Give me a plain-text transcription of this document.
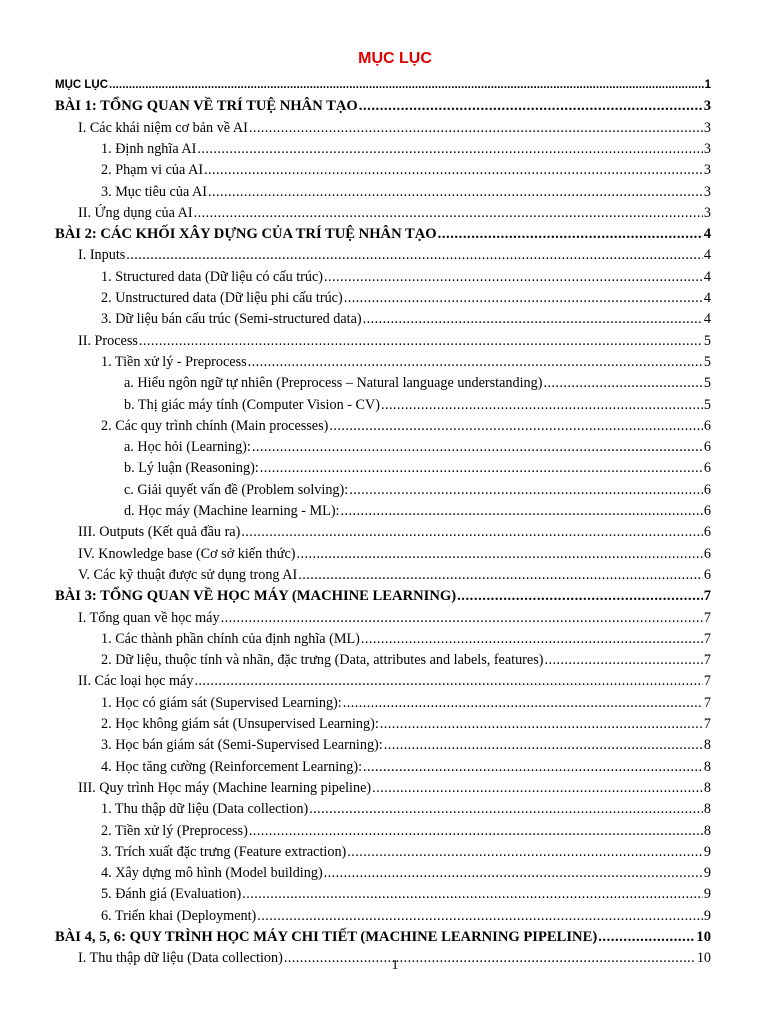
MỤC LỤC
MỤC LỤC . . .	1
BÀI 1: TỔNG QUAN VỀ TRÍ TUỆ NHÂN TẠO . . .	3
I. Các khái niệm cơ bản về AI . . .	3
1. Định nghĩa AI . . .	3
2. Phạm vi của AI . . .	3
3. Mục tiêu của AI . . .	3
II. Ứng dụng của AI . . .	3
BÀI 2: CÁC KHỐI XÂY DỰNG CỦA TRÍ TUỆ NHÂN TẠO . . .	4
I. Inputs . . .	4
1. Structured data (Dữ liệu có cấu trúc) . . .	4
2. Unstructured data (Dữ liệu phi cấu trúc) . . .	4
3. Dữ liệu bán cấu trúc (Semi-structured data) . . .	4
II. Process . . .	5
1. Tiền xử lý - Preprocess . . .	5
a. Hiểu ngôn ngữ tự nhiên (Preprocess – Natural language understanding) . . .	5
b. Thị giác máy tính (Computer Vision - CV) . . .	5
2. Các quy trình chính (Main processes) . . .	6
a. Học hỏi (Learning): . . .	6
b. Lý luận (Reasoning): . . .	6
c. Giải quyết vấn đề (Problem solving): . . .	6
d. Học máy (Machine learning - ML): . . .	6
III. Outputs (Kết quả đầu ra) . . .	6
IV. Knowledge base (Cơ sở kiến thức) . . .	6
V. Các kỹ thuật được sử dụng trong AI . . .	6
BÀI 3: TỔNG QUAN VỀ HỌC MÁY (MACHINE LEARNING) . . .	7
I. Tổng quan về học máy . . .	7
1. Các thành phần chính của định nghĩa (ML) . . .	7
2. Dữ liệu, thuộc tính và nhãn, đặc trưng (Data, attributes and labels, features) . . .	7
II. Các loại học máy . . .	7
1. Học có giám sát (Supervised Learning): . . .	7
2. Học không giám sát (Unsupervised Learning): . . .	7
3. Học bán giám sát (Semi-Supervised Learning): . . .	8
4. Học tăng cường (Reinforcement Learning): . . .	8
III. Quy trình Học máy (Machine learning pipeline) . . .	8
1. Thu thập dữ liệu (Data collection) . . .	8
2. Tiền xử lý (Preprocess) . . .	8
3. Trích xuất đặc trưng (Feature extraction) . . .	9
4. Xây dựng mô hình (Model building) . . .	9
5. Đánh giá (Evaluation) . . .	9
6. Triển khai (Deployment) . . .	9
BÀI 4, 5, 6: QUY TRÌNH HỌC MÁY CHI TIẾT (MACHINE LEARNING PIPELINE) . . .	10
I. Thu thập dữ liệu (Data collection) . . .	10
1
